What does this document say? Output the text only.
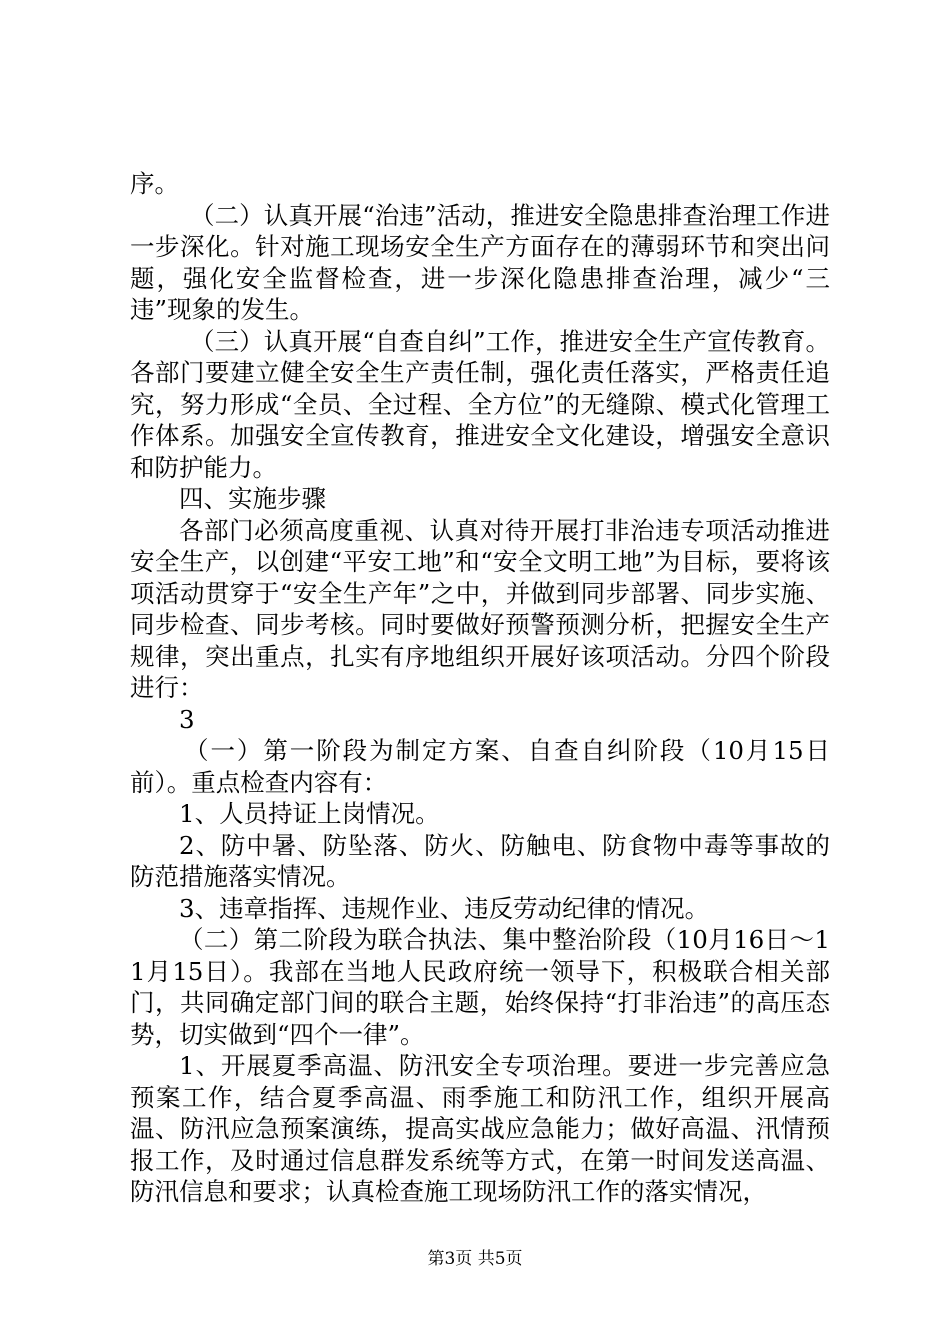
序。

（二）认真开展“治违”活动，推进安全隐患排查治理工作进一步深化。针对施工现场安全生产方面存在的薄弱环节和突出问题，强化安全监督检查，进一步深化隐患排查治理，减少“三违”现象的发生。

（三）认真开展“自查自纠”工作，推进安全生产宣传教育。各部门要建立健全安全生产责任制，强化责任落实，严格责任追究，努力形成“全员、全过程、全方位”的无缝隙、模式化管理工作体系。加强安全宣传教育，推进安全文化建设，增强安全意识和防护能力。

四、实施步骤

各部门必须高度重视、认真对待开展打非治违专项活动推进安全生产，以创建“平安工地”和“安全文明工地”为目标，要将该项活动贯穿于“安全生产年”之中，并做到同步部署、同步实施、同步检查、同步考核。同时要做好预警预测分析，把握安全生产规律，突出重点，扎实有序地组织开展好该项活动。分四个阶段进行：

3

（一）第一阶段为制定方案、自查自纠阶段（10月15日前）。重点检查内容有：

1、人员持证上岗情况。

2、防中暑、防坠落、防火、防触电、防食物中毒等事故的防范措施落实情况。

3、违章指挥、违规作业、违反劳动纪律的情况。

（二）第二阶段为联合执法、集中整治阶段（10月16日～11月15日）。我部在当地人民政府统一领导下，积极联合相关部门，共同确定部门间的联合主题，始终保持“打非治违”的高压态势，切实做到“四个一律”。

1、开展夏季高温、防汛安全专项治理。要进一步完善应急预案工作，结合夏季高温、雨季施工和防汛工作，组织开展高温、防汛应急预案演练，提高实战应急能力；做好高温、汛情预报工作，及时通过信息群发系统等方式，在第一时间发送高温、防汛信息和要求；认真检查施工现场防汛工作的落实情况，

第3页 共5页
